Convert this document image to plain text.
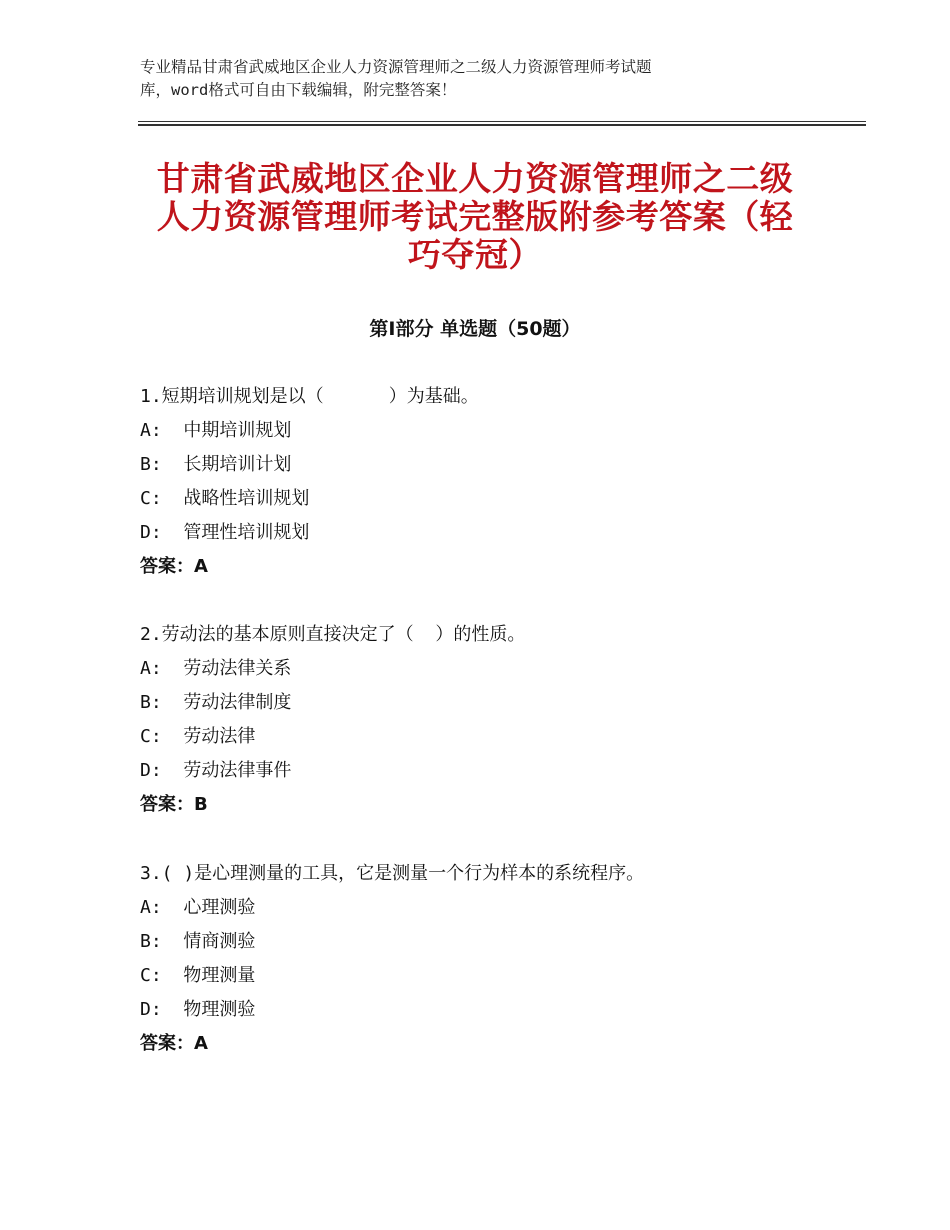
专业精品甘肃省武威地区企业人力资源管理师之二级人力资源管理师考试题
库，word格式可自由下载编辑，附完整答案！
甘肃省武威地区企业人力资源管理师之二级
人力资源管理师考试完整版附参考答案（轻
巧夺冠）
第Ⅰ部分 单选题（50题）
1.短期培训规划是以（      ）为基础。
A:  中期培训规划
B:  长期培训计划
C:  战略性培训规划
D:  管理性培训规划
答案：A
2.劳动法的基本原则直接决定了（  ）的性质。
A:  劳动法律关系
B:  劳动法律制度
C:  劳动法律
D:  劳动法律事件
答案：B
3.( )是心理测量的工具，它是测量一个行为样本的系统程序。
A:  心理测验
B:  情商测验
C:  物理测量
D:  物理测验
答案：A
